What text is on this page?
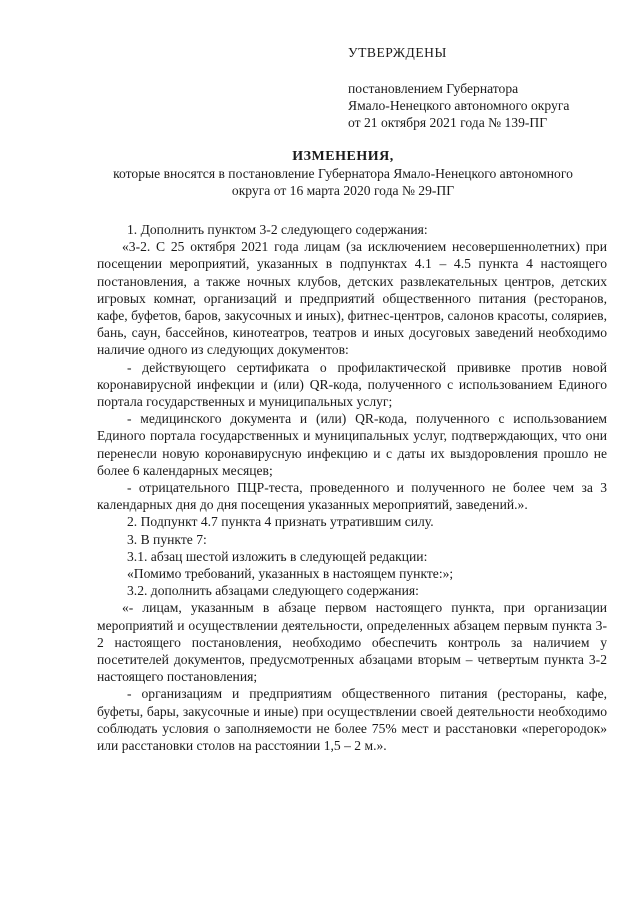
УТВЕРЖДЕНЫ
постановлением Губернатора
Ямало-Ненецкого автономного округа
от 21 октября 2021 года № 139-ПГ
ИЗМЕНЕНИЯ,
которые вносятся в постановление Губернатора Ямало-Ненецкого автономного
округа от 16 марта 2020 года № 29-ПГ

1. Дополнить пунктом 3-2 следующего содержания:

«3-2. С 25 октября 2021 года лицам (за исключением несовершеннолетних) при посещении мероприятий, указанных в подпунктах 4.1 – 4.5 пункта 4 настоящего постановления, а также ночных клубов, детских развлекательных центров, детских игровых комнат, организаций и предприятий общественного питания (ресторанов, кафе, буфетов, баров, закусочных и иных), фитнес-центров, салонов красоты, соляриев, бань, саун, бассейнов, кинотеатров, театров и иных досуговых заведений необходимо наличие одного из следующих документов:

- действующего сертификата о профилактической прививке против новой коронавирусной инфекции и (или) QR-кода, полученного с использованием Единого портала государственных и муниципальных услуг;

- медицинского документа и (или) QR-кода, полученного с использованием Единого портала государственных и муниципальных услуг, подтверждающих, что они перенесли новую коронавирусную инфекцию и с даты их выздоровления прошло не более 6 календарных месяцев;

- отрицательного ПЦР-теста, проведенного и полученного не более чем за 3 календарных дня до дня посещения указанных мероприятий, заведений.».

2. Подпункт 4.7 пункта 4 признать утратившим силу.

3. В пункте 7:

3.1. абзац шестой изложить в следующей редакции:

«Помимо требований, указанных в настоящем пункте:»;

3.2. дополнить абзацами следующего содержания:

«- лицам, указанным в абзаце первом настоящего пункта, при организации мероприятий и осуществлении деятельности, определенных абзацем первым пункта 3-2 настоящего постановления, необходимо обеспечить контроль за наличием у посетителей документов, предусмотренных абзацами вторым – четвертым пункта 3-2 настоящего постановления;

- организациям и предприятиям общественного питания (рестораны, кафе, буфеты, бары, закусочные и иные) при осуществлении своей деятельности необходимо соблюдать условия о заполняемости не более 75% мест и расстановки «перегородок» или расстановки столов на расстоянии 1,5 – 2 м.».
